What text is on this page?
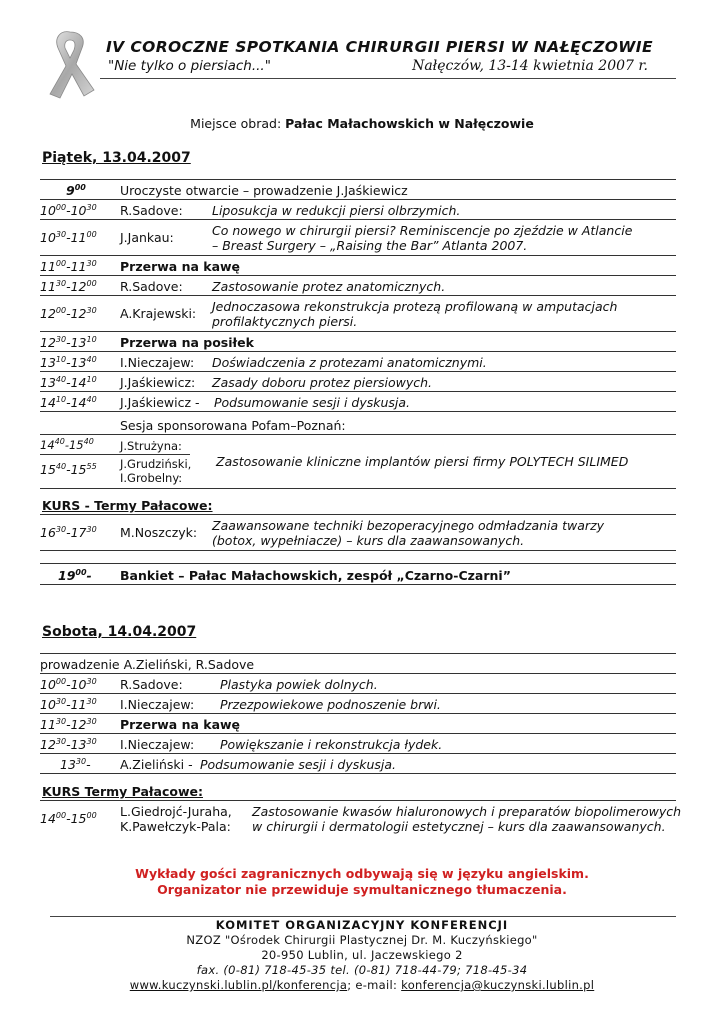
IV COROCZNE SPOTKANIA CHIRURGII PIERSI W NAŁĘCZOWIE
"Nie tylko o piersiach..."	Nałęczów, 13-14 kwietnia 2007 r.
Miejsce obrad: Pałac Małachowskich w Nałęczowie
Piątek, 13.04.2007
$9^{00}$	Uroczyste otwarcie – prowadzenie J.Jaśkiewicz
$10^{00}-10^{30}$ R.Sadove: Liposukcja w redukcji piersi olbrzymich.
$10^{30}-11^{00}$ J.Jankau:	Co nowego w chirurgii piersi? Reminiscencje po zjeździe w Atlancie
– Breast Surgery – „Raising the Bar” Atlanta 2007.
$11^{00}-11^{30}$ Przerwa na kawę
$11^{30}-12^{00}$ R.Sadove: Zastosowanie protez anatomicznych.
$12^{00}-12^{30}$ A.Krajewski: Jednoczasowa rekonstrukcja protezą profilowaną w amputacjach
profilaktycznych piersi.
$12^{30}-13^{10}$ Przerwa na posiłek
$13^{10}-13^{40}$ I.Nieczajew: Doświadczenia z protezami anatomicznymi.
$13^{40}-14^{10}$ J.Jaśkiewicz: Zasady doboru protez piersiowych.
$14^{10}-14^{40}$ J.Jaśkiewicz - Podsumowanie sesji i dyskusja.
Sesja sponsorowana Pofam–Poznań:
$14^{40}-15^{40}$ J.Strużyna:
$15^{40}-15^{55}$ J.Grudziński,
I.Grobelny:
Zastosowanie kliniczne implantów piersi firmy POLYTECH SILIMED
KURS - Termy Pałacowe:
$16^{30}-17^{30}$ M.Noszczyk: Zaawansowane techniki bezoperacyjnego odmładzania twarzy
(botox, wypełniacze) – kurs dla zaawansowanych.
$19^{00}-$ Bankiet – Pałac Małachowskich, zespół „Czarno-Czarni”
Sobota, 14.04.2007
prowadzenie A.Zieliński, R.Sadove
$10^{00}-10^{30}$ R.Sadove:	Plastyka powiek dolnych.
$10^{30}-11^{30}$ I.Nieczajew: Przezpowiekowe podnoszenie brwi.
$11^{30}-12^{30}$ Przerwa na kawę
$12^{30}-13^{30}$ I.Nieczajew: Powiększanie i rekonstrukcja łydek.
$13^{30}-$ A.Zieliński - Podsumowanie sesji i dyskusja.
KURS Termy Pałacowe:
$14^{00}-15^{00}$ L.Giedrojć-Juraha,
K.Pawełczyk-Pala:
Zastosowanie kwasów hialuronowych i preparatów biopolimerowych
w chirurgii i dermatologii estetycznej – kurs dla zaawansowanych.
Wykłady gości zagranicznych odbywają się w języku angielskim.
Organizator nie przewiduje symultanicznego tłumaczenia.
KOMITET ORGANIZACYJNY KONFERENCJI
NZOZ "Ośrodek Chirurgii Plastycznej Dr. M. Kuczyńskiego"
20-950 Lublin, ul. Jaczewskiego 2
fax. (0-81) 718-45-35 tel. (0-81) 718-44-79; 718-45-34
www.kuczynski.lublin.pl/konferencja; e-mail: konferencja@kuczynski.lublin.pl
